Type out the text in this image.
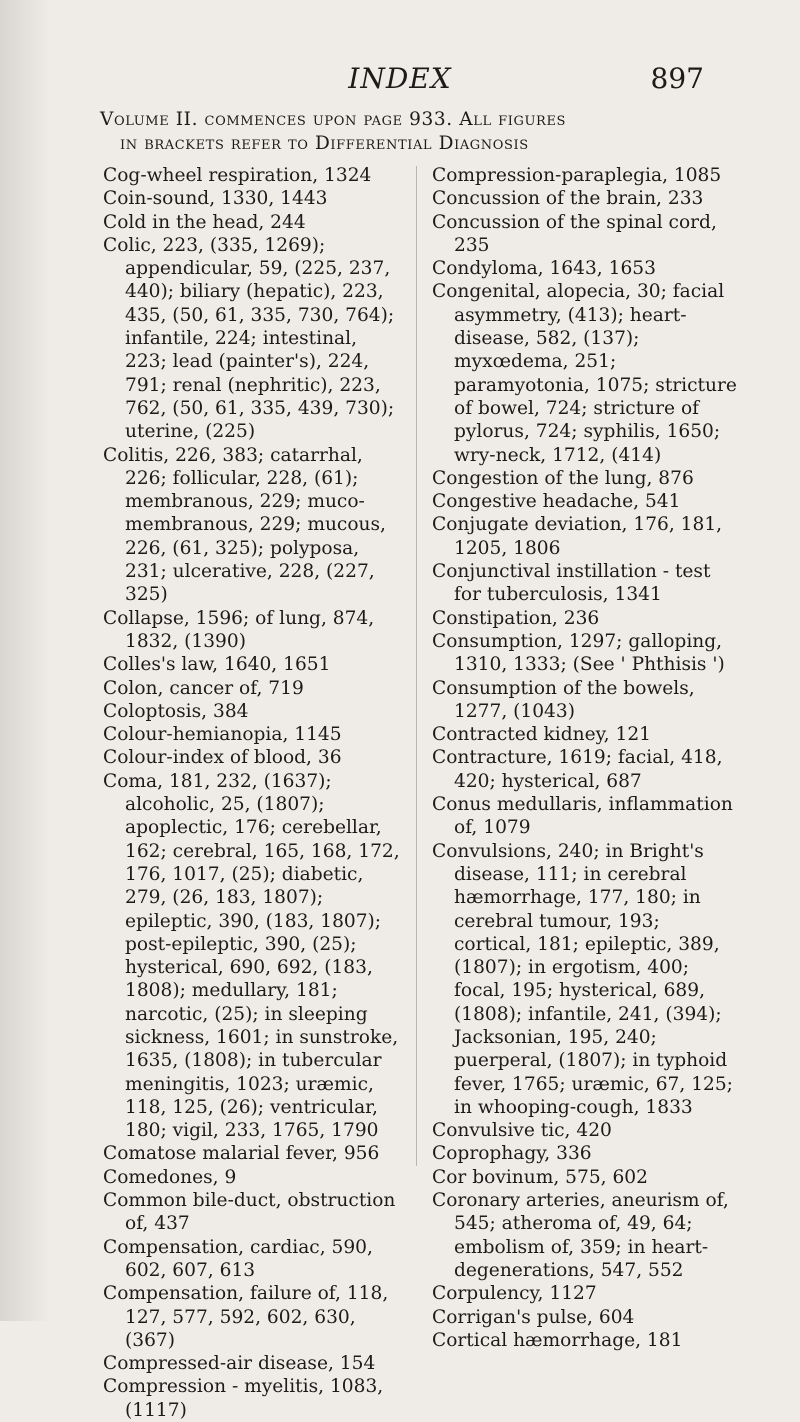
INDEX	897
Volume II. commences upon page 933. All figures
in brackets refer to Differential Diagnosis
Cog-wheel respiration, 1324
Coin-sound, 1330, 1443
Cold in the head, 244
Colic, 223, (335, 1269); appendicular, 59, (225, 237, 440); biliary (hepatic), 223, 435, (50, 61, 335, 730, 764); infantile, 224; intestinal, 223; lead (painter's), 224, 791; renal (nephritic), 223, 762, (50, 61, 335, 439, 730); uterine, (225)
Colitis, 226, 383; catarrhal, 226; follicular, 228, (61); membranous, 229; muco-membranous, 229; mucous, 226, (61, 325); polyposa, 231; ulcerative, 228, (227, 325)
Collapse, 1596; of lung, 874, 1832, (1390)
Colles's law, 1640, 1651
Colon, cancer of, 719
Coloptosis, 384
Colour-hemianopia, 1145
Colour-index of blood, 36
Coma, 181, 232, (1637); alcoholic, 25, (1807); apoplectic, 176; cerebellar, 162; cerebral, 165, 168, 172, 176, 1017, (25); diabetic, 279, (26, 183, 1807); epileptic, 390, (183, 1807); post-epileptic, 390, (25); hysterical, 690, 692, (183, 1808); medullary, 181; narcotic, (25); in sleeping sickness, 1601; in sunstroke, 1635, (1808); in tubercular meningitis, 1023; uræmic, 118, 125, (26); ventricular, 180; vigil, 233, 1765, 1790
Comatose malarial fever, 956
Comedones, 9
Common bile-duct, obstruction of, 437
Compensation, cardiac, 590, 602, 607, 613
Compensation, failure of, 118, 127, 577, 592, 602, 630, (367)
Compressed-air disease, 154
Compression - myelitis, 1083, (1117)
Compression-paraplegia, 1085
Concussion of the brain, 233
Concussion of the spinal cord, 235
Condyloma, 1643, 1653
Congenital, alopecia, 30; facial asymmetry, (413); heart-disease, 582, (137); myxœdema, 251; paramyotonia, 1075; stricture of bowel, 724; stricture of pylorus, 724; syphilis, 1650; wry-neck, 1712, (414)
Congestion of the lung, 876
Congestive headache, 541
Conjugate deviation, 176, 181, 1205, 1806
Conjunctival instillation - test for tuberculosis, 1341
Constipation, 236
Consumption, 1297; galloping, 1310, 1333; (See ' Phthisis ')
Consumption of the bowels, 1277, (1043)
Contracted kidney, 121
Contracture, 1619; facial, 418, 420; hysterical, 687
Conus medullaris, inflammation of, 1079
Convulsions, 240; in Bright's disease, 111; in cerebral hæmorrhage, 177, 180; in cerebral tumour, 193; cortical, 181; epileptic, 389, (1807); in ergotism, 400; focal, 195; hysterical, 689, (1808); infantile, 241, (394); Jacksonian, 195, 240; puerperal, (1807); in typhoid fever, 1765; uræmic, 67, 125; in whooping-cough, 1833
Convulsive tic, 420
Coprophagy, 336
Cor bovinum, 575, 602
Coronary arteries, aneurism of, 545; atheroma of, 49, 64; embolism of, 359; in heart-degenerations, 547, 552
Corpulency, 1127
Corrigan's pulse, 604
Cortical hæmorrhage, 181
